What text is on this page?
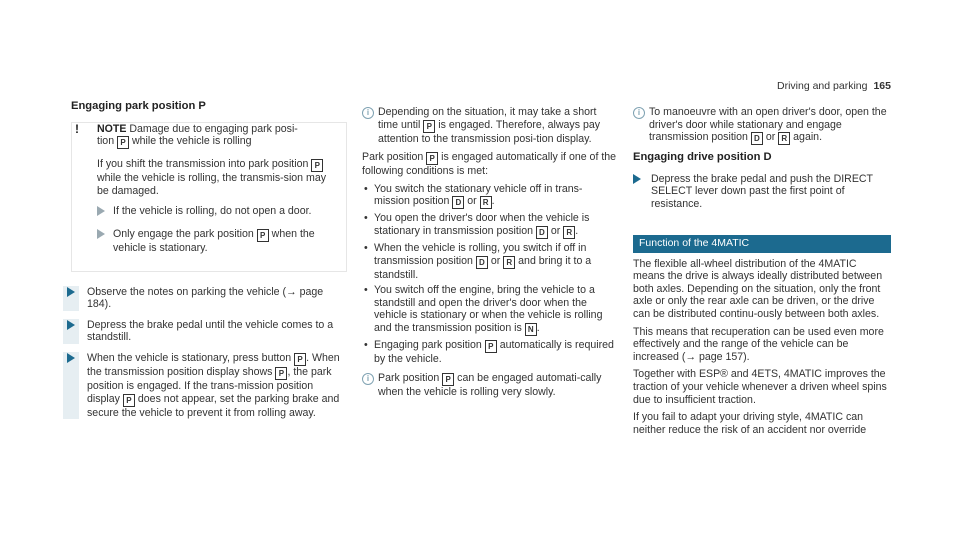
Driving and parking 165
Engaging park position P
!	NOTE Damage due to engaging park posi-
tion P while the vehicle is rolling

If you shift the transmission into park position P while the vehicle is rolling, the transmis-sion may be damaged.

If the vehicle is rolling, do not open a door.
Only engage the park position P when the vehicle is stationary.
Observe the notes on parking the vehicle (→ page 184).
Depress the brake pedal until the vehicle comes to a standstill.
When the vehicle is stationary, press button P . When the transmission position display shows P , the park position is engaged. If the trans-mission position display P does not appear, set the parking brake and secure the vehicle to prevent it from rolling away.
i Depending on the situation, it may take a short time until P is engaged. Therefore, always pay attention to the transmission posi-tion display.

Park position P is engaged automatically if one of the following conditions is met:

• You switch the stationary vehicle off in trans-mission position D or R .
• You open the driver's door when the vehicle is stationary in transmission position D or R .
• When the vehicle is rolling, you switch if off in transmission position D or R and bring it to a standstill.
• You switch off the engine, bring the vehicle to a standstill and open the driver's door when the vehicle is stationary or when the vehicle is rolling and the transmission position is N .
• Engaging park position P automatically is required by the vehicle.
i Park position P can be engaged automati-cally when the vehicle is rolling very slowly.
i To manoeuvre with an open driver's door, open the driver's door while stationary and engage transmission position D or R again.
Engaging drive position D
Depress the brake pedal and push the DIRECT SELECT lever down past the first point of resistance.
Function of the 4MATIC

The flexible all-wheel distribution of the 4MATIC means the drive is always ideally distributed between both axles. Depending on the situation, only the front axle or only the rear axle can be driven, or the drive can be distributed continu-ously between both axles.

This means that recuperation can be used even more effectively and the range of the vehicle can be increased (→ page 157).

Together with ESP® and 4ETS, 4MATIC improves the traction of your vehicle whenever a driven wheel spins due to insufficient traction.

If you fail to adapt your driving style, 4MATIC can neither reduce the risk of an accident nor override
